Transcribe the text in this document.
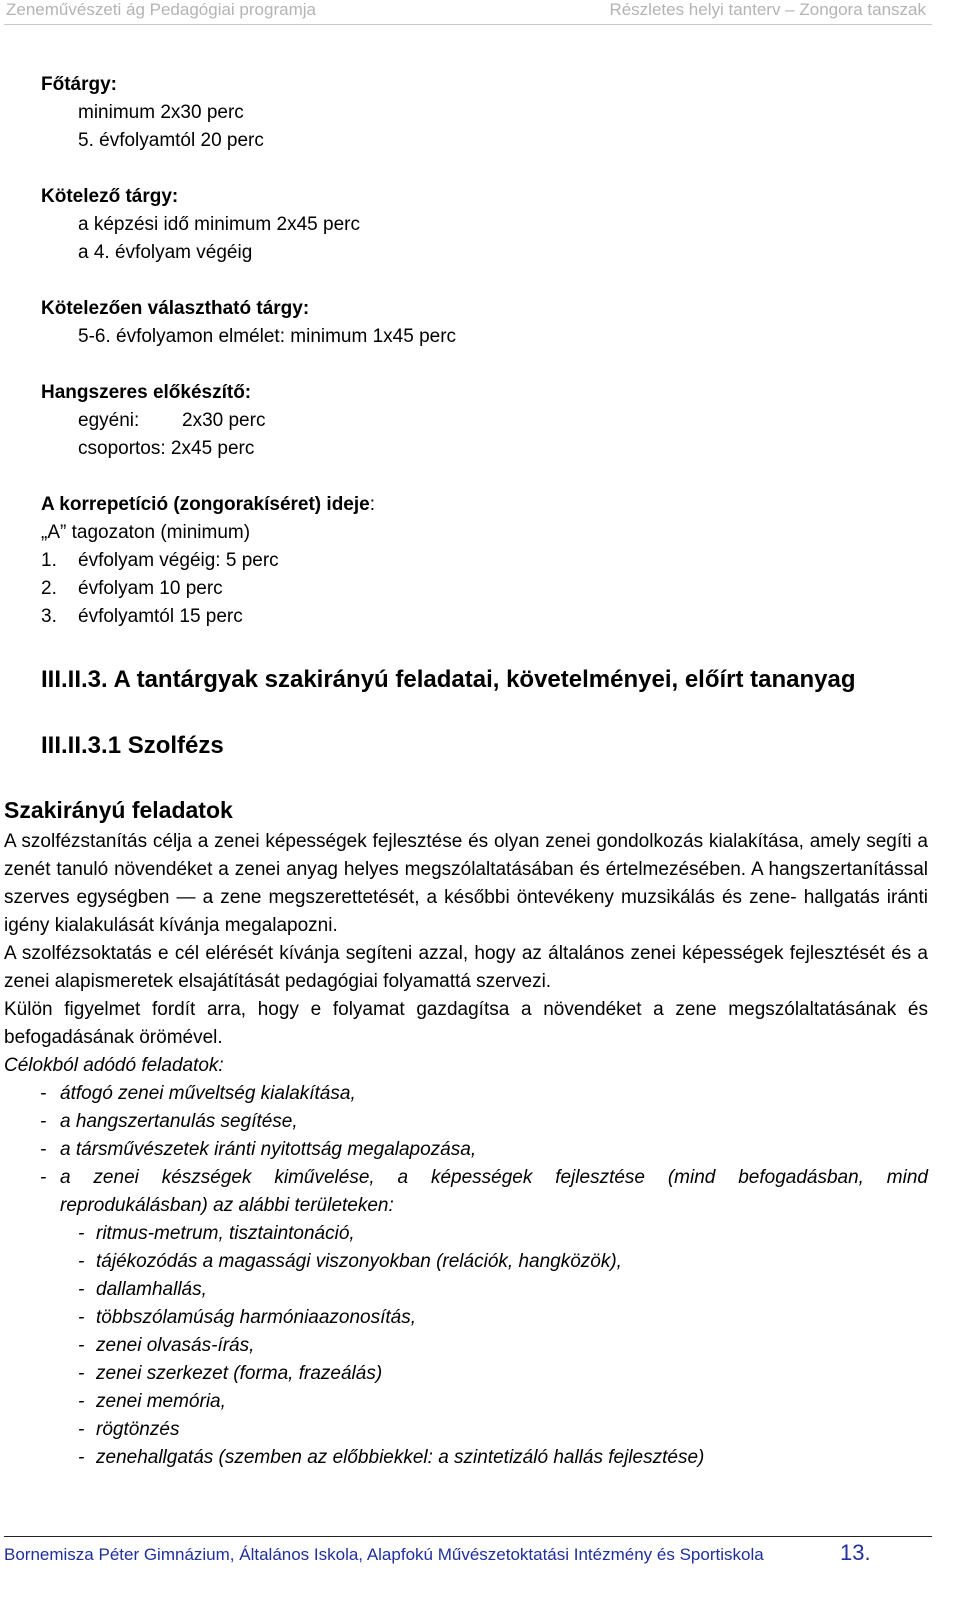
Zeneművészeti ág Pedagógiai programja	Részletes helyi tanterv – Zongora tanszak
Főtárgy:
minimum 2x30 perc
5. évfolyamtól 20 perc
Kötelező tárgy:
a képzési idő minimum 2x45 perc
a 4. évfolyam végéig
Kötelezően választható tárgy:
5-6. évfolyamon elmélet: minimum 1x45 perc
Hangszeres előkészítő:
egyéni: 2x30 perc
csoportos: 2x45 perc
A korrepetíció (zongorakíséret) ideje:
„A” tagozaton (minimum)
1. évfolyam végéig: 5 perc
2. évfolyam 10 perc
3. évfolyamtól 15 perc
III.II.3. A tantárgyak szakirányú feladatai, követelményei, előírt tananyag
III.II.3.1 Szolfézs
Szakirányú feladatok
A szolfézstanítás célja a zenei képességek fejlesztése és olyan zenei gondolkozás kialakítása, amely segíti a zenét tanuló növendéket a zenei anyag helyes megszólaltatásában és értelmezésében. A hangszertanítással szerves egységben — a zene megszerettetését, a későbbi öntevékeny muzsikálás és zene- hallgatás iránti igény kialakulását kívánja megalapozni.
A szolfézsoktatás e cél elérését kívánja segíteni azzal, hogy az általános zenei képességek fejlesztését és a zenei alapismeretek elsajátítását pedagógiai folyamattá szervezi.
Külön figyelmet fordít arra, hogy e folyamat gazdagítsa a növendéket a zene megszólaltatásának és befogadásának örömével.
Célokból adódó feladatok:
- átfogó zenei műveltség kialakítása,
- a hangszertanulás segítése,
- a társművészetek iránti nyitottság megalapozása,
- a zenei készségek kiművelése, a képességek fejlesztése (mind befogadásban, mind
reprodukálásban) az alábbi területeken:
- ritmus-metrum, tisztaintonáció,
- tájékozódás a magassági viszonyokban (relációk, hangközök),
- dallamhallás,
- többszólamúság harmóniaazonosítás,
- zenei olvasás-írás,
- zenei szerkezet (forma, frazeálás)
- zenei memória,
- rögtönzés
- zenehallgatás (szemben az előbbiekkel: a szintetizáló hallás fejlesztése)
Bornemisza Péter Gimnázium, Általános Iskola, Alapfokú Művészetoktatási Intézmény és Sportiskola	13.
